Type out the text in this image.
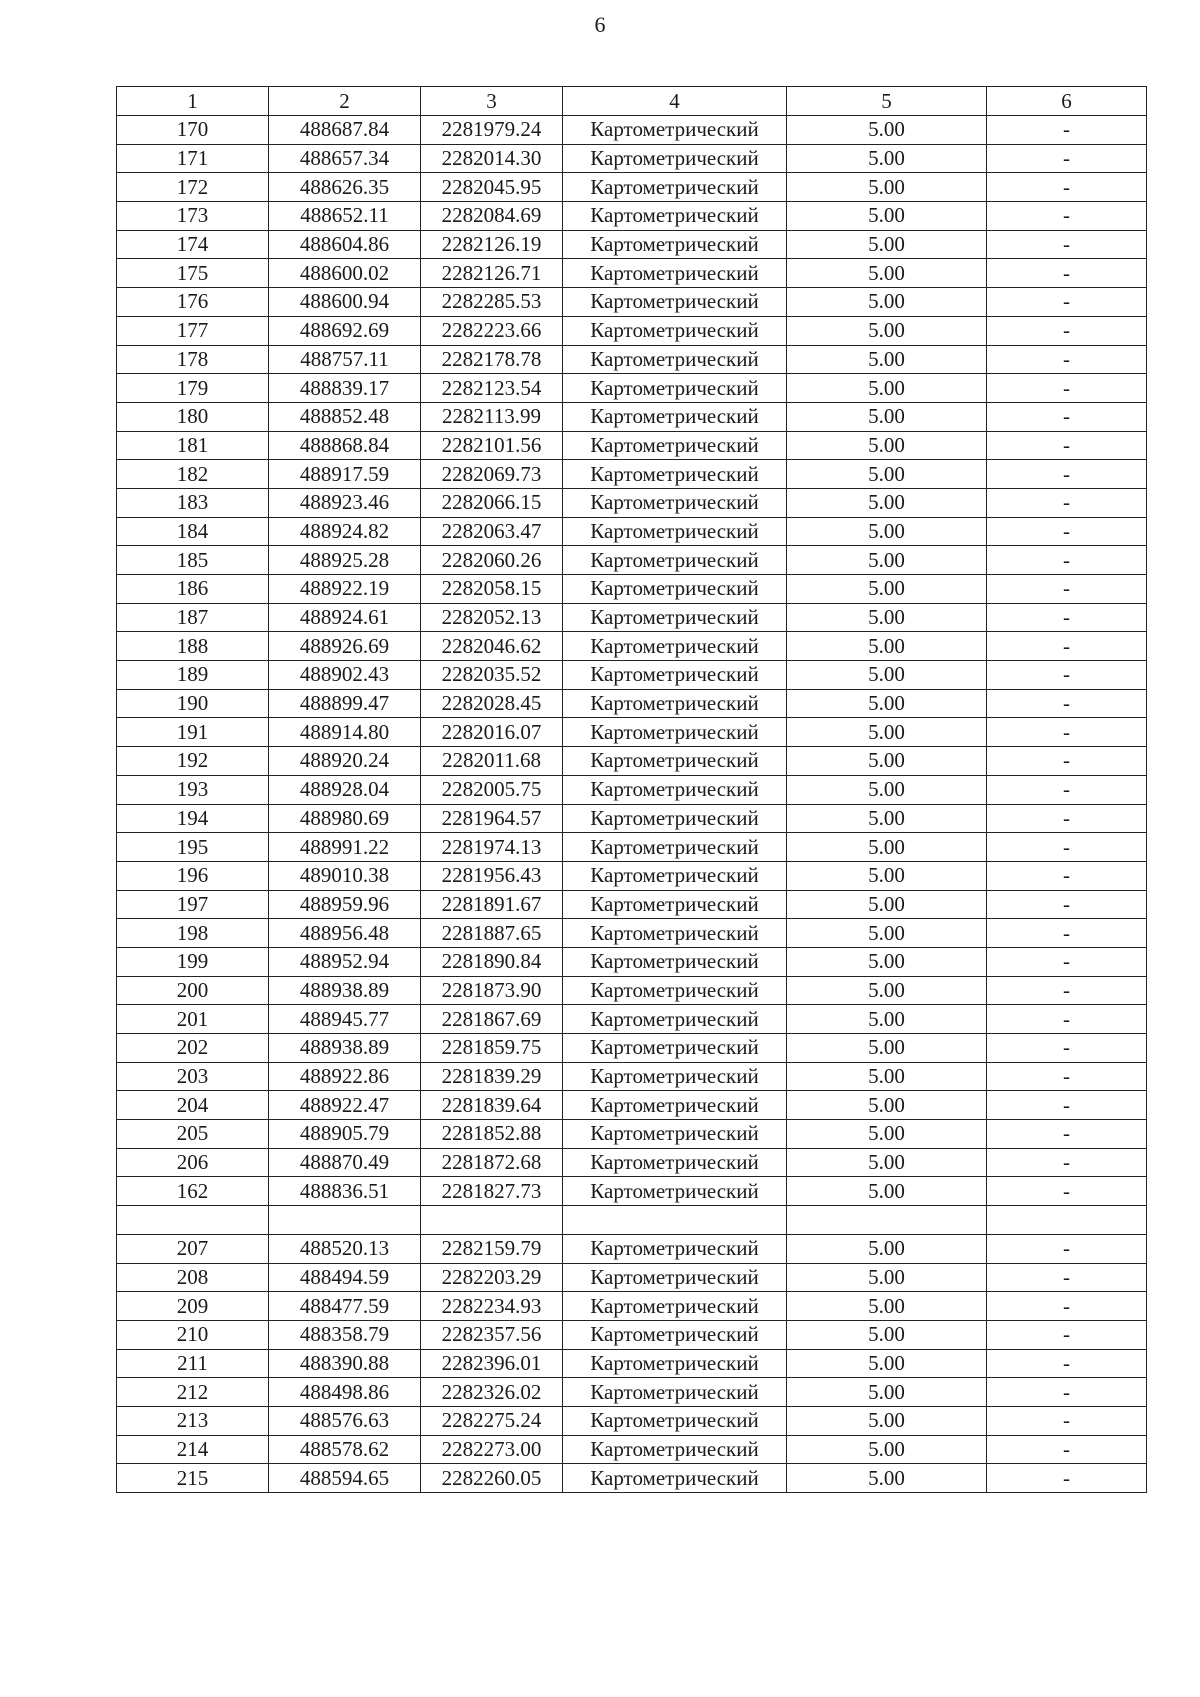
6
1	2	3	4	5	6
170	488687.84	2281979.24	Картометрический	5.00	-
171	488657.34	2282014.30	Картометрический	5.00	-
172	488626.35	2282045.95	Картометрический	5.00	-
173	488652.11	2282084.69	Картометрический	5.00	-
174	488604.86	2282126.19	Картометрический	5.00	-
175	488600.02	2282126.71	Картометрический	5.00	-
176	488600.94	2282285.53	Картометрический	5.00	-
177	488692.69	2282223.66	Картометрический	5.00	-
178	488757.11	2282178.78	Картометрический	5.00	-
179	488839.17	2282123.54	Картометрический	5.00	-
180	488852.48	2282113.99	Картометрический	5.00	-
181	488868.84	2282101.56	Картометрический	5.00	-
182	488917.59	2282069.73	Картометрический	5.00	-
183	488923.46	2282066.15	Картометрический	5.00	-
184	488924.82	2282063.47	Картометрический	5.00	-
185	488925.28	2282060.26	Картометрический	5.00	-
186	488922.19	2282058.15	Картометрический	5.00	-
187	488924.61	2282052.13	Картометрический	5.00	-
188	488926.69	2282046.62	Картометрический	5.00	-
189	488902.43	2282035.52	Картометрический	5.00	-
190	488899.47	2282028.45	Картометрический	5.00	-
191	488914.80	2282016.07	Картометрический	5.00	-
192	488920.24	2282011.68	Картометрический	5.00	-
193	488928.04	2282005.75	Картометрический	5.00	-
194	488980.69	2281964.57	Картометрический	5.00	-
195	488991.22	2281974.13	Картометрический	5.00	-
196	489010.38	2281956.43	Картометрический	5.00	-
197	488959.96	2281891.67	Картометрический	5.00	-
198	488956.48	2281887.65	Картометрический	5.00	-
199	488952.94	2281890.84	Картометрический	5.00	-
200	488938.89	2281873.90	Картометрический	5.00	-
201	488945.77	2281867.69	Картометрический	5.00	-
202	488938.89	2281859.75	Картометрический	5.00	-
203	488922.86	2281839.29	Картометрический	5.00	-
204	488922.47	2281839.64	Картометрический	5.00	-
205	488905.79	2281852.88	Картометрический	5.00	-
206	488870.49	2281872.68	Картометрический	5.00	-
162	488836.51	2281827.73	Картометрический	5.00	-

207	488520.13	2282159.79	Картометрический	5.00	-
208	488494.59	2282203.29	Картометрический	5.00	-
209	488477.59	2282234.93	Картометрический	5.00	-
210	488358.79	2282357.56	Картометрический	5.00	-
211	488390.88	2282396.01	Картометрический	5.00	-
212	488498.86	2282326.02	Картометрический	5.00	-
213	488576.63	2282275.24	Картометрический	5.00	-
214	488578.62	2282273.00	Картометрический	5.00	-
215	488594.65	2282260.05	Картометрический	5.00	-
